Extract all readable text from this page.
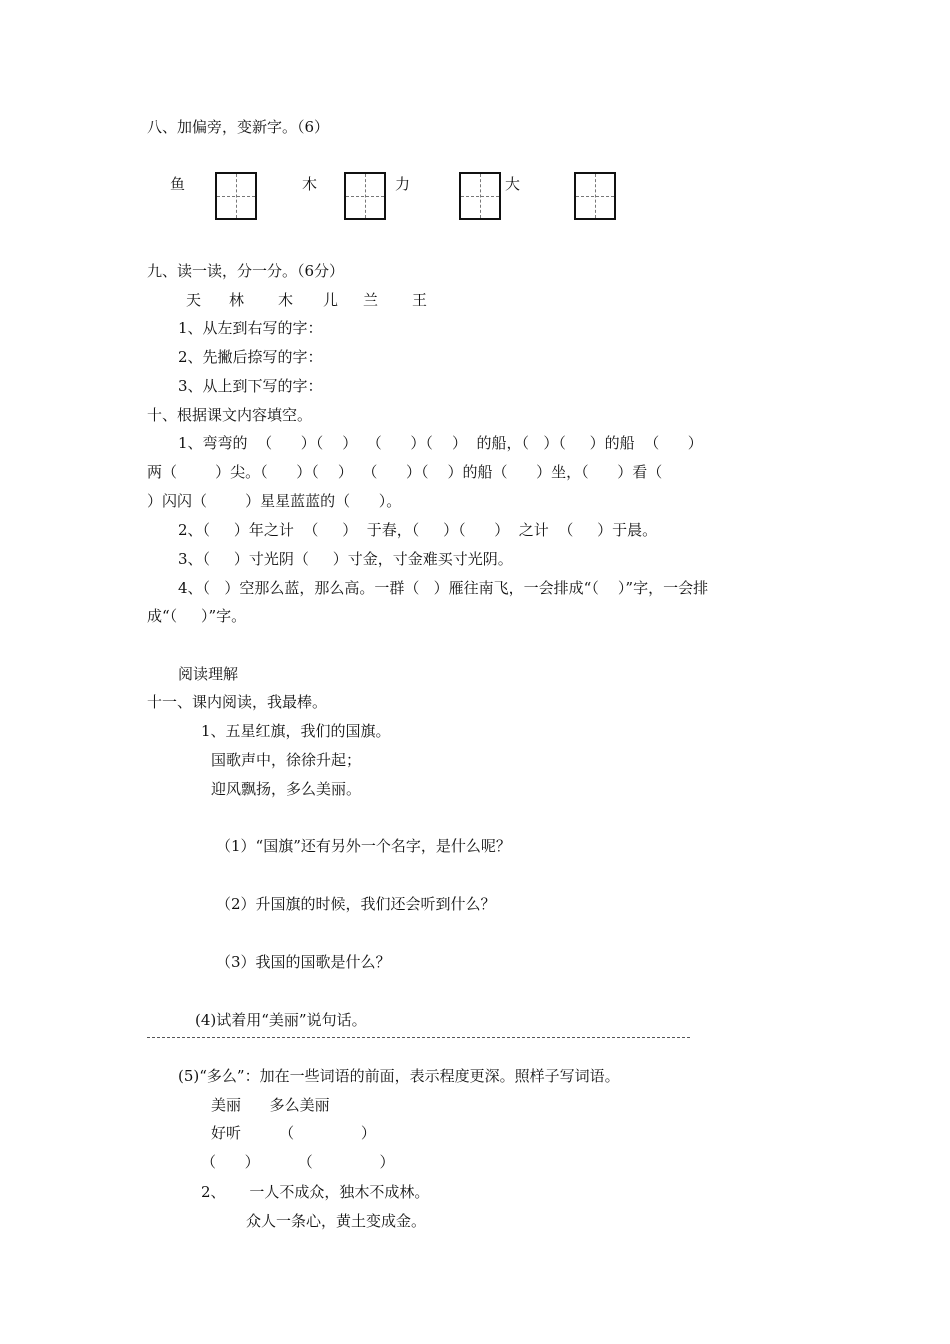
八、加偏旁，变新字。（6）
鱼	木	力	大
九、读一读，分一分。（6分）
天 林 木 儿 兰 王
1、从左到右写的字：
2、先撇后捺写的字：
3、从上到下写的字：
十、根据课文内容填空。
1、弯弯的  （      ）（    ）  （      ）（    ）  的船，（   ）（     ）的船  （      ）
两（        ）尖。（      ）（    ）  （      ）（    ）的船（      ）坐，（      ）看（
）闪闪（        ）星星蓝蓝的（      ）。
2、（     ）年之计  （     ）  于春，（     ）（      ）  之计  （     ）于晨。
3、（     ）寸光阴（     ）寸金，寸金难买寸光阴。
4、（   ）空那么蓝，那么高。一群（   ）雁往南飞，一会排成“（    ）”字，一会排
成“（     ）”字。
阅读理解
十一、课内阅读，我最棒。
1、五星红旗，我们的国旗。
国歌声中，徐徐升起；
迎风飘扬，多么美丽。
（1）“国旗”还有另外一个名字，是什么呢？
（2）升国旗的时候，我们还会听到什么？
（3）我国的国歌是什么？
(4)试着用“美丽”说句话。
(5)“多么”：加在一些词语的前面，表示程度更深。照样子写词语。
美丽      多么美丽
好听        （              ）
（      ）        （              ）
2、     一人不成众，独木不成林。
众人一条心，黄土变成金。
